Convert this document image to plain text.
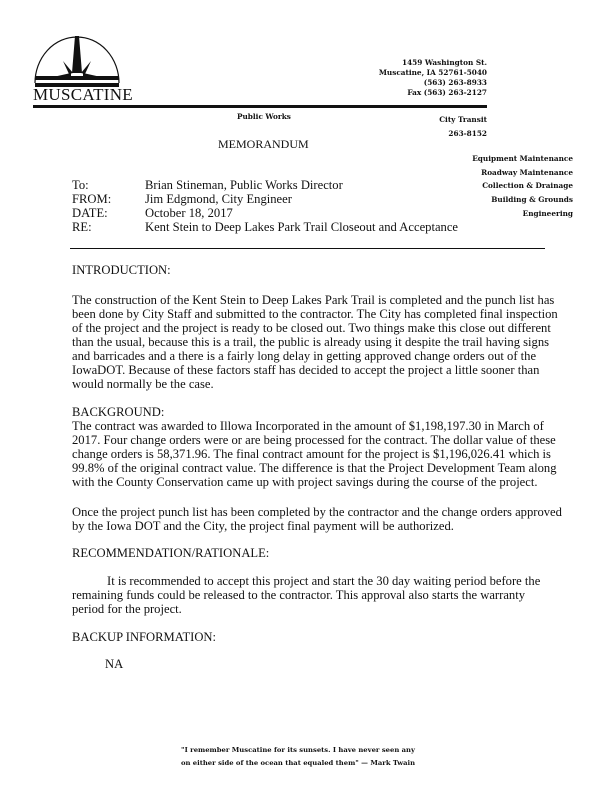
MUSCATINE
1459 Washington St.
Muscatine, IA 52761-5040
(563) 263-8933
Fax (563) 263-2127
Public Works	City Transit
263-8152
MEMORANDUM
Equipment Maintenance
Roadway Maintenance
Collection & Drainage
Building & Grounds
Engineering
To:	Brian Stineman, Public Works Director
FROM:	Jim Edgmond, City Engineer
DATE:	October 18, 2017
RE:	Kent Stein to Deep Lakes Park Trail Closeout and Acceptance
INTRODUCTION:
The construction of the Kent Stein to Deep Lakes Park Trail is completed and the punch list has
been done by City Staff and submitted to the contractor. The City has completed final inspection
of the project and the project is ready to be closed out. Two things make this close out different
than the usual, because this is a trail, the public is already using it despite the trail having signs
and barricades and a there is a fairly long delay in getting approved change orders out of the
IowaDOT. Because of these factors staff has decided to accept the project a little sooner than
would normally be the case.
BACKGROUND:
The contract was awarded to Illowa Incorporated in the amount of $1,198,197.30 in March of
2017. Four change orders were or are being processed for the contract. The dollar value of these
change orders is 58,371.96. The final contract amount for the project is $1,196,026.41 which is
99.8% of the original contract value. The difference is that the Project Development Team along
with the County Conservation came up with project savings during the course of the project.
Once the project punch list has been completed by the contractor and the change orders approved
by the Iowa DOT and the City, the project final payment will be authorized.
RECOMMENDATION/RATIONALE:
It is recommended to accept this project and start the 30 day waiting period before the
remaining funds could be released to the contractor. This approval also starts the warranty
period for the project.
BACKUP INFORMATION:
NA
"I remember Muscatine for its sunsets. I have never seen any
on either side of the ocean that equaled them" — Mark Twain
